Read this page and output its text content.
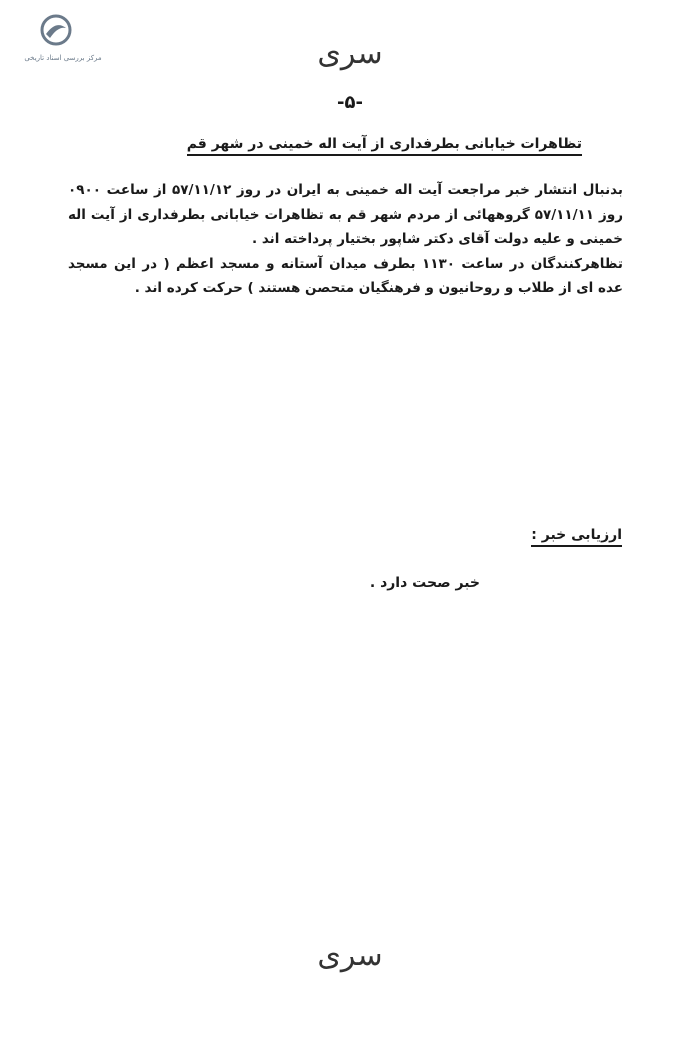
مرکز بررسی اسناد تاریخی	سری
-۵-
تظاهرات خیابانی بطرفداری از آیت اله خمینی در شهر قم

بدنبال انتشار خبر مراجعت آیت اله خمینی به ایران در روز ۵۷/۱۱/۱۲ از ساعت ۰۹۰۰ روز ۵۷/۱۱/۱۱ گروههائی از مردم شهر قم به تظاهرات خیابانی بطرفداری از آیت اله خمینی و علیه دولت آقای دکتر شاپور بختیار پرداخته اند .

تظاهرکنندگان در ساعت ۱۱۳۰ بطرف میدان آستانه و مسجد اعظم ( در این مسجد عده ای از طلاب و روحانیون و فرهنگیان متحصن هستند ) حرکت کرده اند .

ارزیابی خبر :
خبر صحت دارد .
سری
